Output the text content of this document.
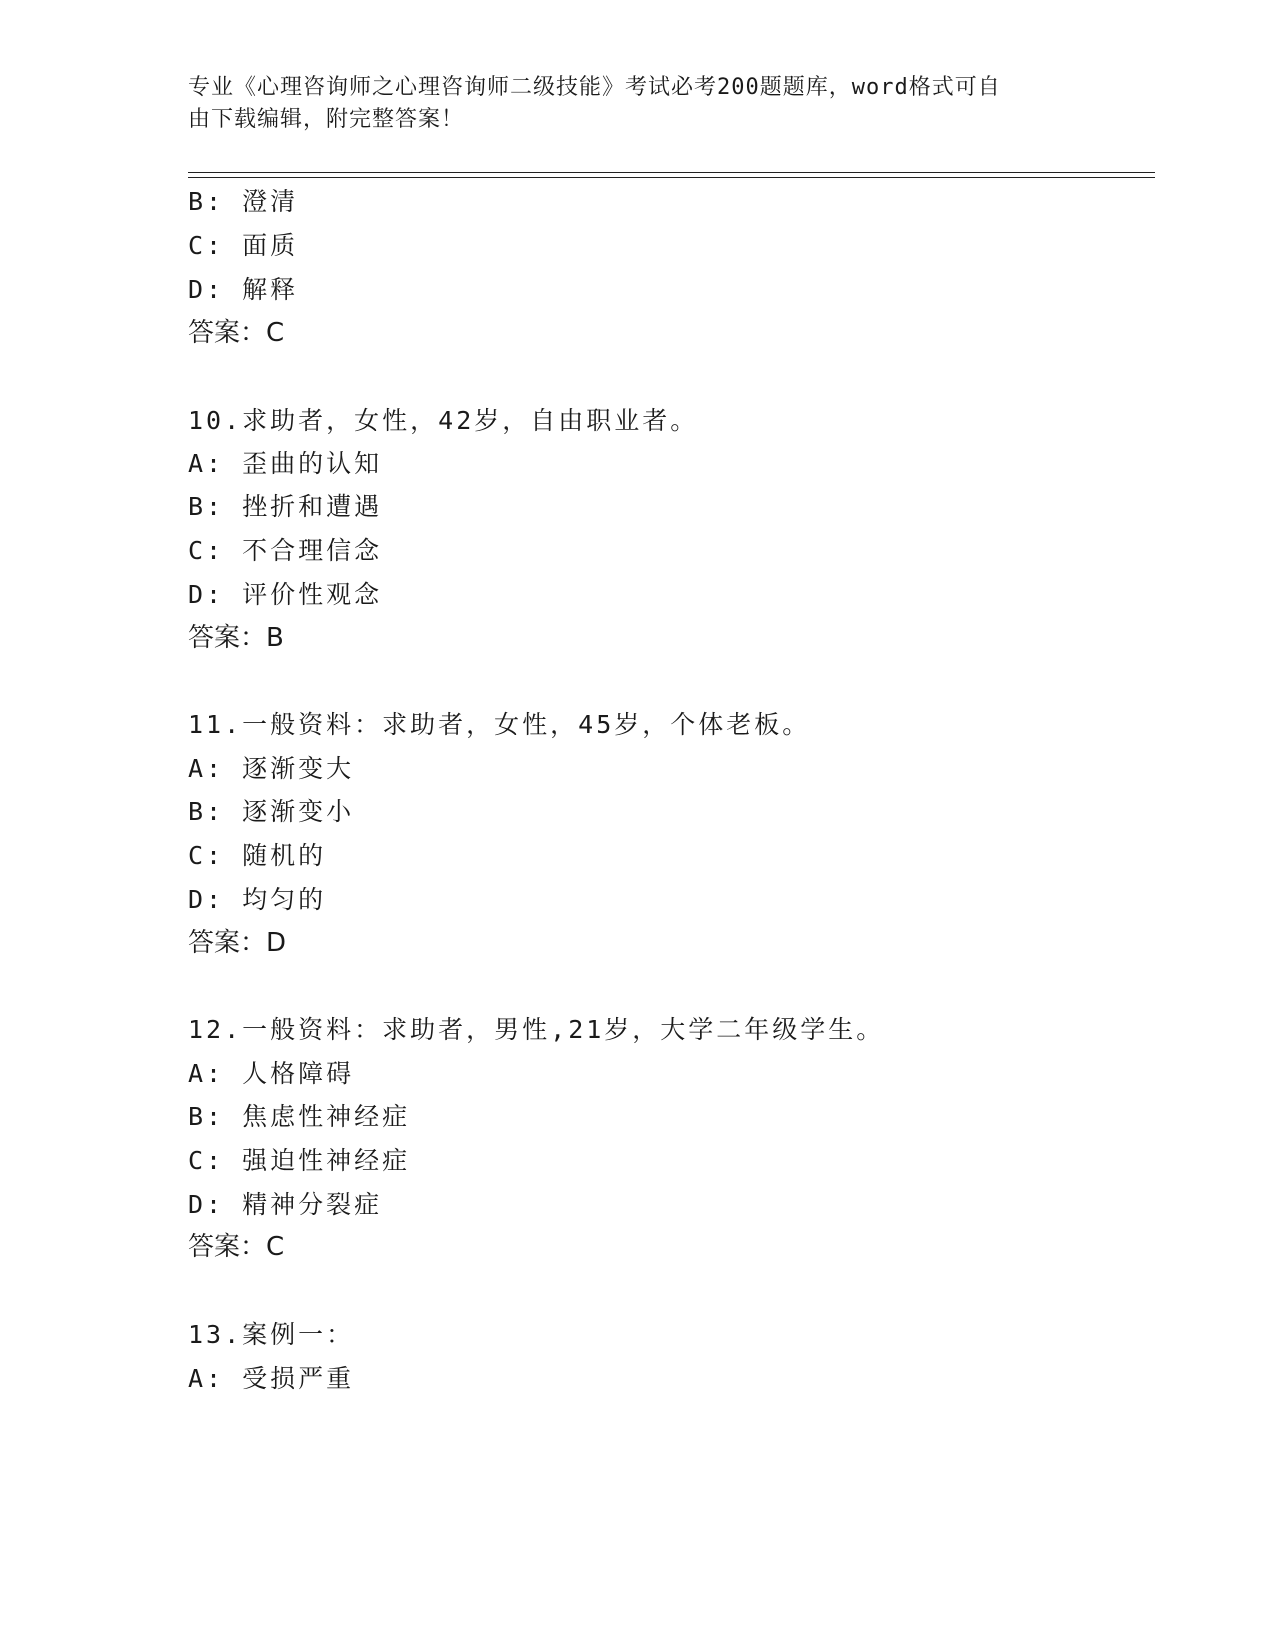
专业《心理咨询师之心理咨询师二级技能》考试必考200题题库，word格式可自
由下载编辑，附完整答案！
B: 澄清
C: 面质
D: 解释
答案：C
10.求助者，女性，42岁，自由职业者。
A: 歪曲的认知
B: 挫折和遭遇
C: 不合理信念
D: 评价性观念
答案：B
11.一般资料：求助者，女性，45岁，个体老板。
A: 逐渐变大
B: 逐渐变小
C: 随机的
D: 均匀的
答案：D
12.一般资料：求助者，男性,21岁，大学二年级学生。
A: 人格障碍
B: 焦虑性神经症
C: 强迫性神经症
D: 精神分裂症
答案：C
13.案例一：
A: 受损严重
